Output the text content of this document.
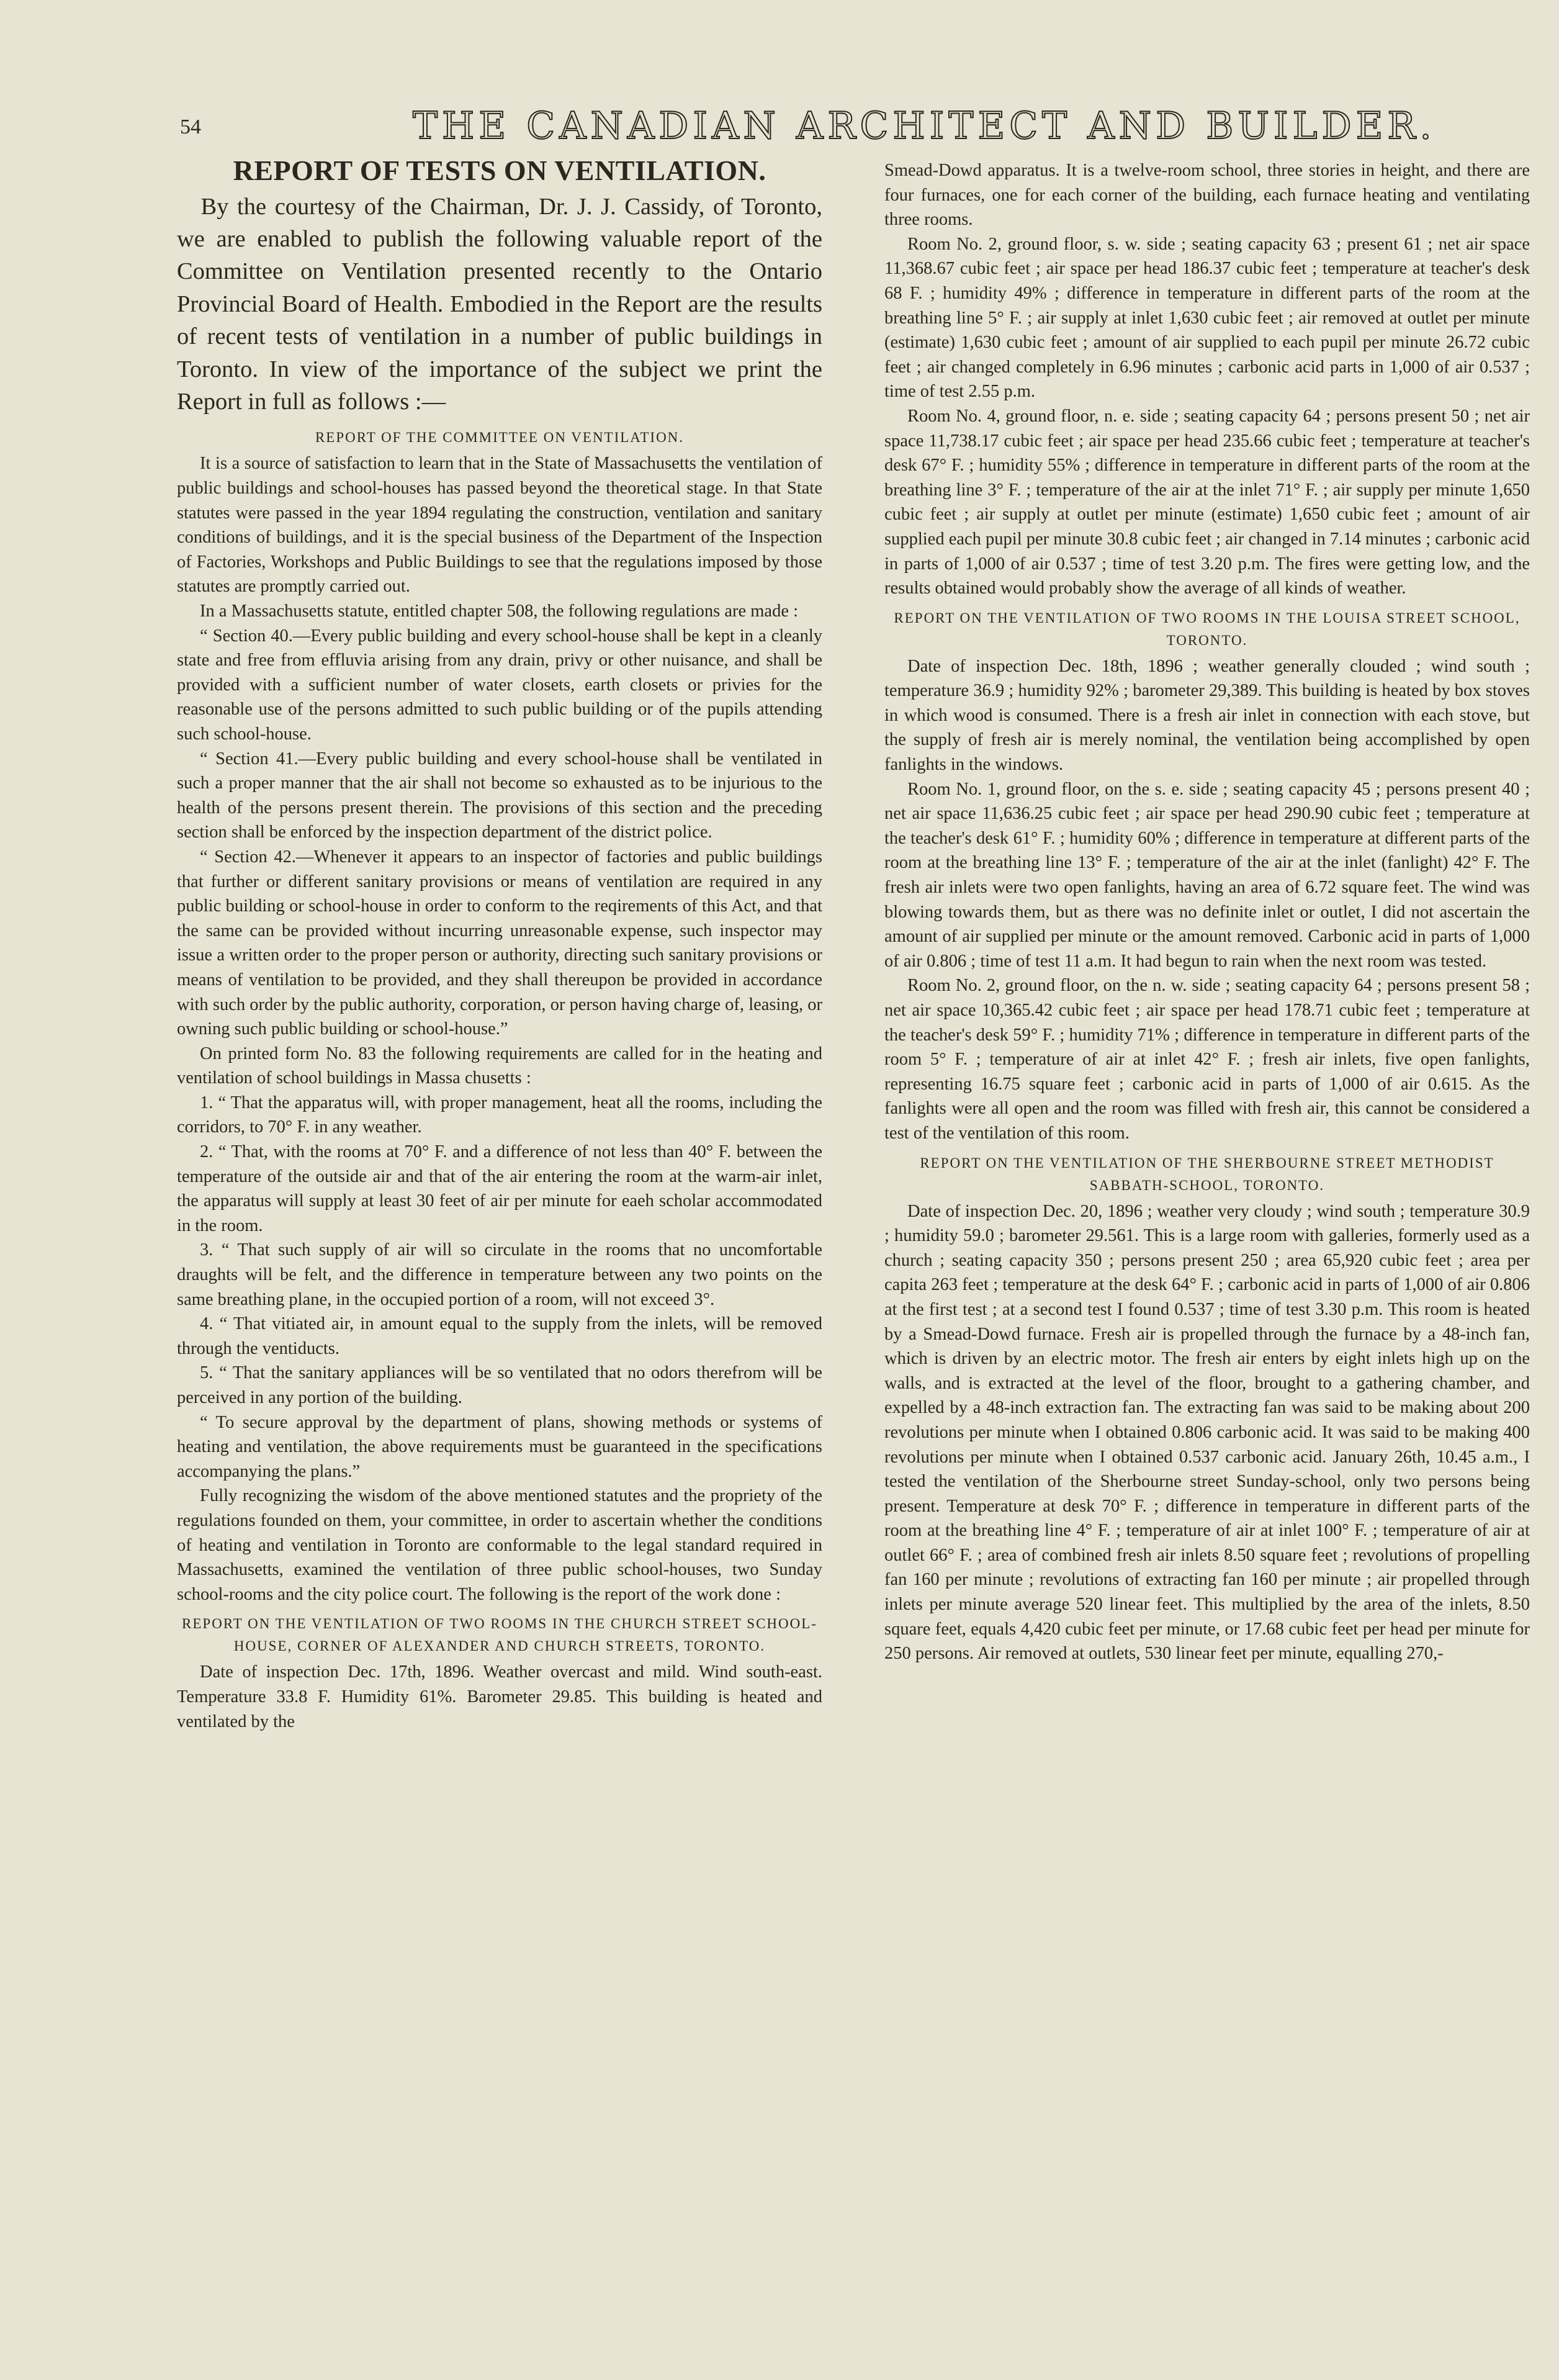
54	THE CANADIAN ARCHITECT AND BUILDER.
REPORT OF TESTS ON VENTILATION.

By the courtesy of the Chairman, Dr. J. J. Cassidy, of Toronto, we are enabled to publish the following valuable report of the Committee on Ventilation presented recently to the Ontario Provincial Board of Health. Embodied in the Report are the results of recent tests of ventilation in a number of public buildings in Toronto. In view of the importance of the subject we print the Report in full as follows :—

REPORT OF THE COMMITTEE ON VENTILATION.

It is a source of satisfaction to learn that in the State of Massachusetts the ventilation of public buildings and school-houses has passed beyond the theoretical stage. In that State statutes were passed in the year 1894 regulating the construction, ventilation and sanitary conditions of buildings, and it is the special business of the Department of the Inspection of Factories, Workshops and Public Buildings to see that the regulations imposed by those statutes are promptly carried out.

In a Massachusetts statute, entitled chapter 508, the following regulations are made :

“ Section 40.—Every public building and every school-house shall be kept in a cleanly state and free from effluvia arising from any drain, privy or other nuisance, and shall be provided with a sufficient number of water closets, earth closets or privies for the reasonable use of the persons admitted to such public building or of the pupils attending such school-house.

“ Section 41.—Every public building and every school-house shall be ventilated in such a proper manner that the air shall not become so exhausted as to be injurious to the health of the persons present therein. The provisions of this section and the preceding section shall be enforced by the inspection department of the district police.

“ Section 42.—Whenever it appears to an inspector of factories and public buildings that further or different sanitary provisions or means of ventilation are required in any public building or school-house in order to conform to the reqirements of this Act, and that the same can be provided without incurring unreasonable expense, such inspector may issue a written order to the proper person or authority, directing such sanitary provisions or means of ventilation to be provided, and they shall thereupon be provided in accordance with such order by the public authority, corporation, or person having charge of, leasing, or owning such public building or school-house.”

On printed form No. 83 the following requirements are called for in the heating and ventilation of school buildings in Massa chusetts :

1. “ That the apparatus will, with proper management, heat all the rooms, including the corridors, to 70° F. in any weather.

2. “ That, with the rooms at 70° F. and a difference of not less than 40° F. between the temperature of the outside air and that of the air entering the room at the warm-air inlet, the apparatus will supply at least 30 feet of air per minute for eaeh scholar accommodated in the room.

3. “ That such supply of air will so circulate in the rooms that no uncomfortable draughts will be felt, and the difference in temperature between any two points on the same breathing plane, in the occupied portion of a room, will not exceed 3°.

4. “ That vitiated air, in amount equal to the supply from the inlets, will be removed through the ventiducts.

5. “ That the sanitary appliances will be so ventilated that no odors therefrom will be perceived in any portion of the building.

“ To secure approval by the department of plans, showing methods or systems of heating and ventilation, the above requirements must be guaranteed in the specifications accompanying the plans.”

Fully recognizing the wisdom of the above mentioned statutes and the propriety of the regulations founded on them, your committee, in order to ascertain whether the conditions of heating and ventilation in Toronto are conformable to the legal standard required in Massachusetts, examined the ventilation of three public school-houses, two Sunday school-rooms and the city police court. The following is the report of the work done :

REPORT ON THE VENTILATION OF TWO ROOMS IN THE CHURCH STREET SCHOOL-HOUSE, CORNER OF ALEXANDER AND CHURCH STREETS, TORONTO.

Date of inspection Dec. 17th, 1896. Weather overcast and mild. Wind south-east. Temperature 33.8 F. Humidity 61%. Barometer 29.85. This building is heated and ventilated by the

Smead-Dowd apparatus. It is a twelve-room school, three stories in height, and there are four furnaces, one for each corner of the building, each furnace heating and ventilating three rooms.

Room No. 2, ground floor, s. w. side ; seating capacity 63 ; present 61 ; net air space 11,368.67 cubic feet ; air space per head 186.37 cubic feet ; temperature at teacher's desk 68 F. ; humidity 49% ; difference in temperature in different parts of the room at the breathing line 5° F. ; air supply at inlet 1,630 cubic feet ; air removed at outlet per minute (estimate) 1,630 cubic feet ; amount of air supplied to each pupil per minute 26.72 cubic feet ; air changed completely in 6.96 minutes ; carbonic acid parts in 1,000 of air 0.537 ; time of test 2.55 p.m.

Room No. 4, ground floor, n. e. side ; seating capacity 64 ; persons present 50 ; net air space 11,738.17 cubic feet ; air space per head 235.66 cubic feet ; temperature at teacher's desk 67° F. ; humidity 55% ; difference in temperature in different parts of the room at the breathing line 3° F. ; temperature of the air at the inlet 71° F. ; air supply per minute 1,650 cubic feet ; air supply at outlet per minute (estimate) 1,650 cubic feet ; amount of air supplied each pupil per minute 30.8 cubic feet ; air changed in 7.14 minutes ; carbonic acid in parts of 1,000 of air 0.537 ; time of test 3.20 p.m. The fires were getting low, and the results obtained would probably show the average of all kinds of weather.

REPORT ON THE VENTILATION OF TWO ROOMS IN THE LOUISA STREET SCHOOL, TORONTO.

Date of inspection Dec. 18th, 1896 ; weather generally clouded ; wind south ; temperature 36.9 ; humidity 92% ; barometer 29,389. This building is heated by box stoves in which wood is consumed. There is a fresh air inlet in connection with each stove, but the supply of fresh air is merely nominal, the ventilation being accomplished by open fanlights in the windows.

Room No. 1, ground floor, on the s. e. side ; seating capacity 45 ; persons present 40 ; net air space 11,636.25 cubic feet ; air space per head 290.90 cubic feet ; temperature at the teacher's desk 61° F. ; humidity 60% ; difference in temperature at different parts of the room at the breathing line 13° F. ; temperature of the air at the inlet (fanlight) 42° F. The fresh air inlets were two open fanlights, having an area of 6.72 square feet. The wind was blowing towards them, but as there was no definite inlet or outlet, I did not ascertain the amount of air supplied per minute or the amount removed. Carbonic acid in parts of 1,000 of air 0.806 ; time of test 11 a.m. It had begun to rain when the next room was tested.

Room No. 2, ground floor, on the n. w. side ; seating capacity 64 ; persons present 58 ; net air space 10,365.42 cubic feet ; air space per head 178.71 cubic feet ; temperature at the teacher's desk 59° F. ; humidity 71% ; difference in temperature in different parts of the room 5° F. ; temperature of air at inlet 42° F. ; fresh air inlets, five open fanlights, representing 16.75 square feet ; carbonic acid in parts of 1,000 of air 0.615. As the fanlights were all open and the room was filled with fresh air, this cannot be considered a test of the ventilation of this room.

REPORT ON THE VENTILATION OF THE SHERBOURNE STREET METHODIST SABBATH-SCHOOL, TORONTO.

Date of inspection Dec. 20, 1896 ; weather very cloudy ; wind south ; temperature 30.9 ; humidity 59.0 ; barometer 29.561. This is a large room with galleries, formerly used as a church ; seating capacity 350 ; persons present 250 ; area 65,920 cubic feet ; area per capita 263 feet ; temperature at the desk 64° F. ; carbonic acid in parts of 1,000 of air 0.806 at the first test ; at a second test I found 0.537 ; time of test 3.30 p.m. This room is heated by a Smead-Dowd furnace. Fresh air is propelled through the furnace by a 48-inch fan, which is driven by an electric motor. The fresh air enters by eight inlets high up on the walls, and is extracted at the level of the floor, brought to a gathering chamber, and expelled by a 48-inch extraction fan. The extracting fan was said to be making about 200 revolutions per minute when I obtained 0.806 carbonic acid. It was said to be making 400 revolutions per minute when I obtained 0.537 carbonic acid. January 26th, 10.45 a.m., I tested the ventilation of the Sherbourne street Sunday-school, only two persons being present. Temperature at desk 70° F. ; difference in temperature in different parts of the room at the breathing line 4° F. ; temperature of air at inlet 100° F. ; temperature of air at outlet 66° F. ; area of combined fresh air inlets 8.50 square feet ; revolutions of propelling fan 160 per minute ; revolutions of extracting fan 160 per minute ; air propelled through inlets per minute average 520 linear feet. This multiplied by the area of the inlets, 8.50 square feet, equals 4,420 cubic feet per minute, or 17.68 cubic feet per head per minute for 250 persons. Air removed at outlets, 530 linear feet per minute, equalling 270,-
